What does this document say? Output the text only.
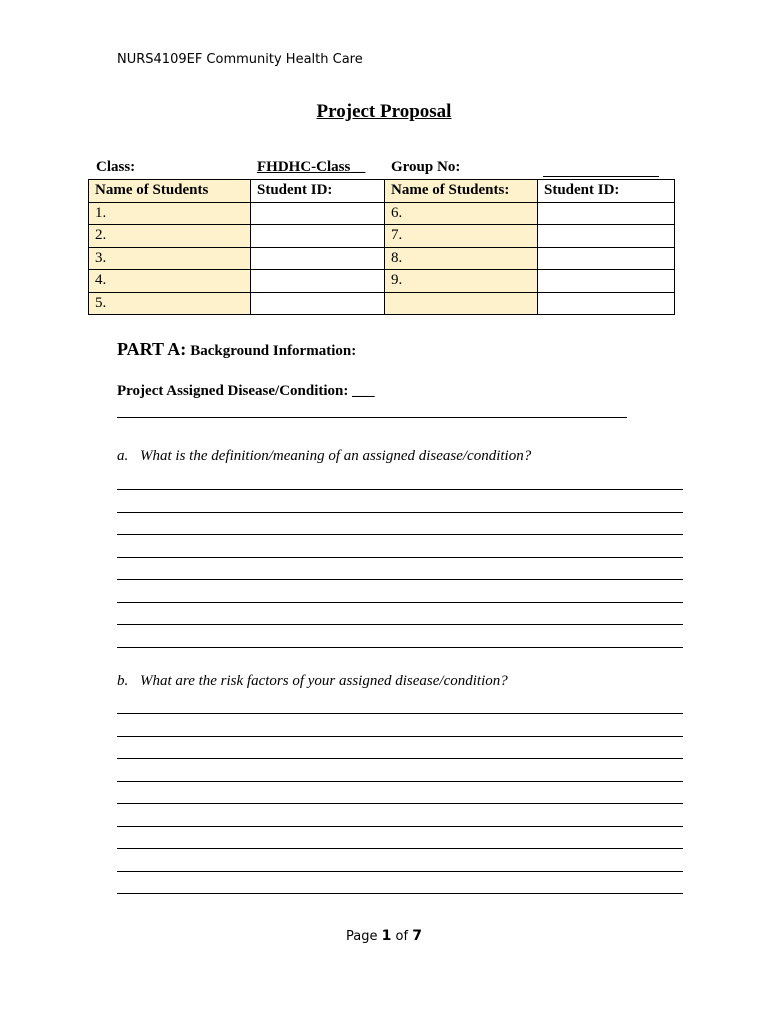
NURS4109EF Community Health Care
Project Proposal
Class:	FHDHC-Class__ Group No:
Name of Students	Student ID:	Name of Students:	Student ID:
1.		6.	
2.		7.	
3.		8.	
4.		9.	
5.			
PART A: Background Information:
Project Assigned Disease/Condition: ___
a. What is the definition/meaning of an assigned disease/condition?
b. What are the risk factors of your assigned disease/condition?
Page 1 of 7
